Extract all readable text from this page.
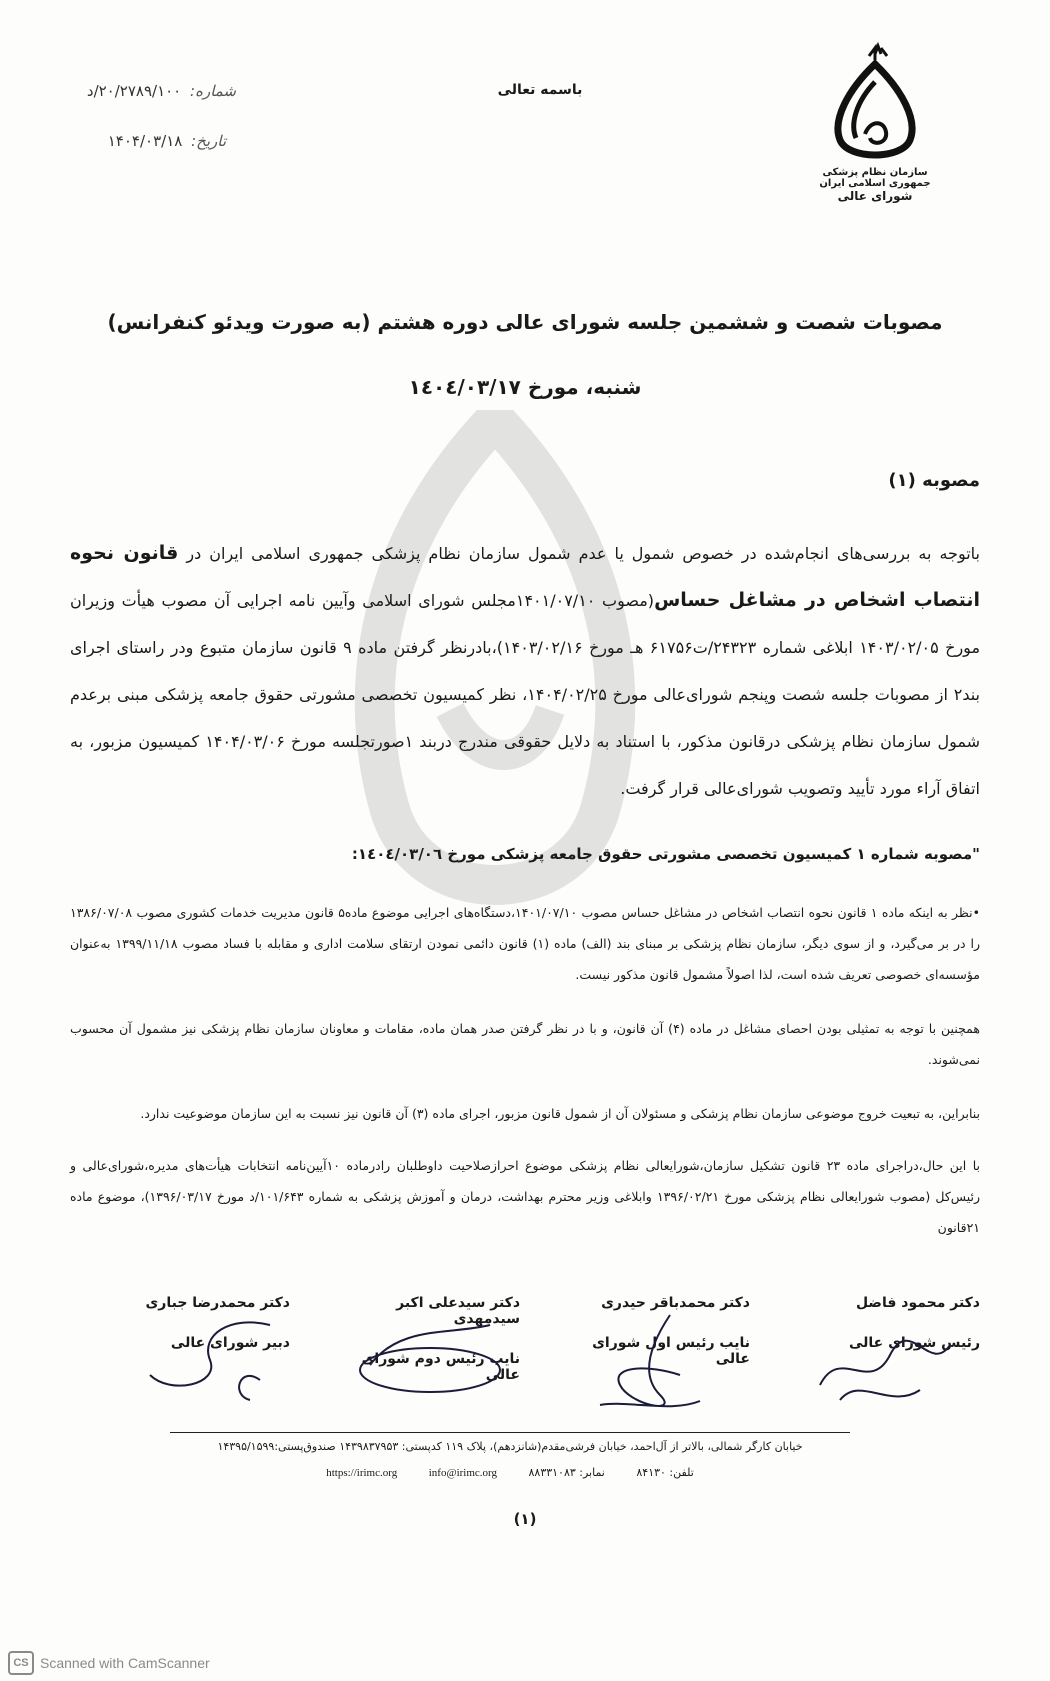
شماره: ۲۰/۲۷۸۹/۱۰۰/د
تاریخ: ۱۴۰۴/۰۳/۱۸
باسمه تعالی
سازمان نظام پزشکی جمهوری اسلامی ایران
شورای عالی
مصوبات شصت و ششمین جلسه شورای عالی دوره هشتم (به صورت ویدئو کنفرانس)
شنبه، مورخ ۱٤٠٤/۰۳/۱۷
مصوبه (۱)
باتوجه به بررسی‌های انجام‌شده در خصوص شمول یا عدم شمول سازمان نظام پزشکی جمهوری اسلامی ایران در قانون نحوه انتصاب اشخاص در مشاغل حساس(مصوب ۱۴۰۱/۰۷/۱۰مجلس شورای اسلامی وآیین نامه اجرایی آن مصوب هیأت وزیران مورخ ۱۴۰۳/۰۲/۰۵ ابلاغی شماره ۲۴۳۲۳/ت۶۱۷۵۶ هـ مورخ ۱۴۰۳/۰۲/۱۶)،بادرنظر گرفتن ماده ۹ قانون سازمان متبوع ودر راستای اجرای بند۲ از مصوبات جلسه شصت وپنجم شورای‌عالی مورخ ۱۴۰۴/۰۲/۲۵، نظر کمیسیون تخصصی مشورتی حقوق جامعه پزشکی مبنی برعدم شمول سازمان نظام پزشکی درقانون مذکور، با استناد به دلایل حقوقی مندرج دربند ۱صورتجلسه مورخ ۱۴۰۴/۰۳/۰۶ کمیسیون مزبور، به اتفاق آراء مورد تأیید وتصویب شورای‌عالی قرار گرفت.
"مصوبه شماره ۱ کمیسیون تخصصی مشورتی حقوق جامعه پزشکی مورخ ۱٤٠٤/٠٣/٠٦:
•نظر به اینکه ماده ۱ قانون نحوه انتصاب اشخاص در مشاغل حساس مصوب ۱۴۰۱/۰۷/۱۰،دستگاه‌های اجرایی موضوع ماده۵ قانون مدیریت خدمات کشوری مصوب ۱۳۸۶/۰۷/۰۸ را در بر می‌گیرد، و از سوی دیگر، سازمان نظام پزشکی بر مبنای بند (الف) ماده (۱) قانون دائمی نمودن ارتقای سلامت اداری و مقابله با فساد مصوب ۱۳۹۹/۱۱/۱۸ به‌عنوان مؤسسه‌ای خصوصی تعریف شده است، لذا اصولاً مشمول قانون مذکور نیست.
همچنین با توجه به تمثیلی بودن احصای مشاغل در ماده (۴) آن قانون، و با در نظر گرفتن صدر همان ماده، مقامات و معاونان سازمان نظام پزشکی نیز مشمول آن محسوب نمی‌شوند.
بنابراین، به تبعیت خروج موضوعی سازمان نظام پزشکی و مسئولان آن از شمول قانون مزبور، اجرای ماده (۳) آن قانون نیز نسبت به این سازمان موضوعیت ندارد.
با این حال،دراجرای ماده ۲۳ قانون تشکیل سازمان،شورایعالی نظام پزشکی موضوع احرازصلاحیت داوطلبان رادرماده ۱۰آیین‌نامه انتخابات هیأت‌های مدیره،شورای‌عالی و رئیس‌کل (مصوب شورایعالی نظام پزشکی مورخ ۱۳۹۶/۰۲/۲۱ وابلاغی وزیر محترم بهداشت، درمان و آموزش پزشکی به شماره ۱۰۱/۶۴۳/د مورخ ۱۳۹۶/۰۳/۱۷)، موضوع ماده ۲۱قانون
دکتر محمود فاضل
رئیس شورای عالی
دکتر محمدباقر حیدری
نایب رئیس اول شورای عالی
دکتر سیدعلی اکبر سیدمهدی
نایب رئیس دوم شورای عالی
دکتر محمدرضا جباری
دبیر شورای عالی
خیابان کارگر شمالی، بالاتر از آل‌احمد، خیابان فرشی‌مقدم(شانزدهم)، پلاک ۱۱۹ کدپستی: ۱۴۳۹۸۳۷۹۵۳ صندوق‌پستی:۱۴۳۹۵/۱۵۹۹
تلفن: ۸۴۱۳۰ نمابر: ۸۸۳۳۱۰۸۳ https://irimc.org	info@irimc.org
(۱)
CS Scanned with CamScanner
